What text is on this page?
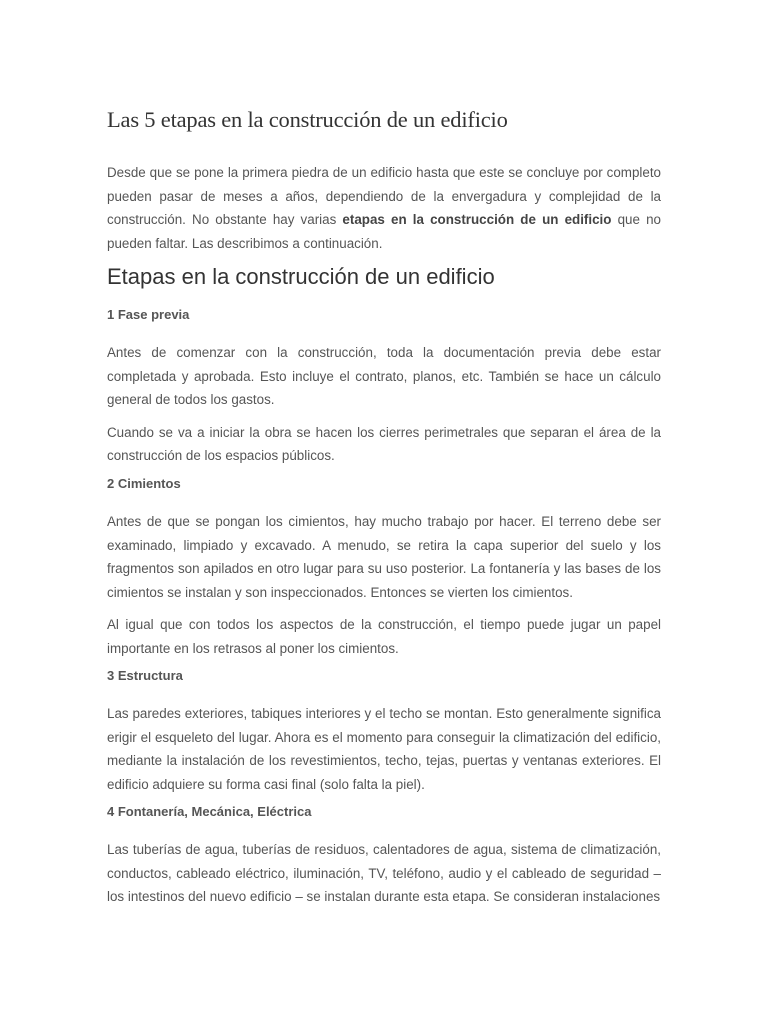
Las 5 etapas en la construcción de un edificio

Desde que se pone la primera piedra de un edificio hasta que este se concluye por completo pueden pasar de meses a años, dependiendo de la envergadura y complejidad de la construcción. No obstante hay varias etapas en la construcción de un edificio que no pueden faltar. Las describimos a continuación.

Etapas en la construcción de un edificio
1 Fase previa

Antes de comenzar con la construcción, toda la documentación previa debe estar completada y aprobada. Esto incluye el contrato, planos, etc. También se hace un cálculo general de todos los gastos.

Cuando se va a iniciar la obra se hacen los cierres perimetrales que separan el área de la construcción de los espacios públicos.

2 Cimientos

Antes de que se pongan los cimientos, hay mucho trabajo por hacer. El terreno debe ser examinado, limpiado y excavado. A menudo, se retira la capa superior del suelo y los fragmentos son apilados en otro lugar para su uso posterior. La fontanería y las bases de los cimientos se instalan y son inspeccionados. Entonces se vierten los cimientos.

Al igual que con todos los aspectos de la construcción, el tiempo puede jugar un papel importante en los retrasos al poner los cimientos.

3 Estructura

Las paredes exteriores, tabiques interiores y el techo se montan. Esto generalmente significa erigir el esqueleto del lugar. Ahora es el momento para conseguir la climatización del edificio, mediante la instalación de los revestimientos, techo, tejas, puertas y ventanas exteriores. El edificio adquiere su forma casi final (solo falta la piel).

4 Fontanería, Mecánica, Eléctrica

Las tuberías de agua, tuberías de residuos, calentadores de agua, sistema de climatización, conductos, cableado eléctrico, iluminación, TV, teléfono, audio y el cableado de seguridad – los intestinos del nuevo edificio – se instalan durante esta etapa. Se consideran instalaciones
